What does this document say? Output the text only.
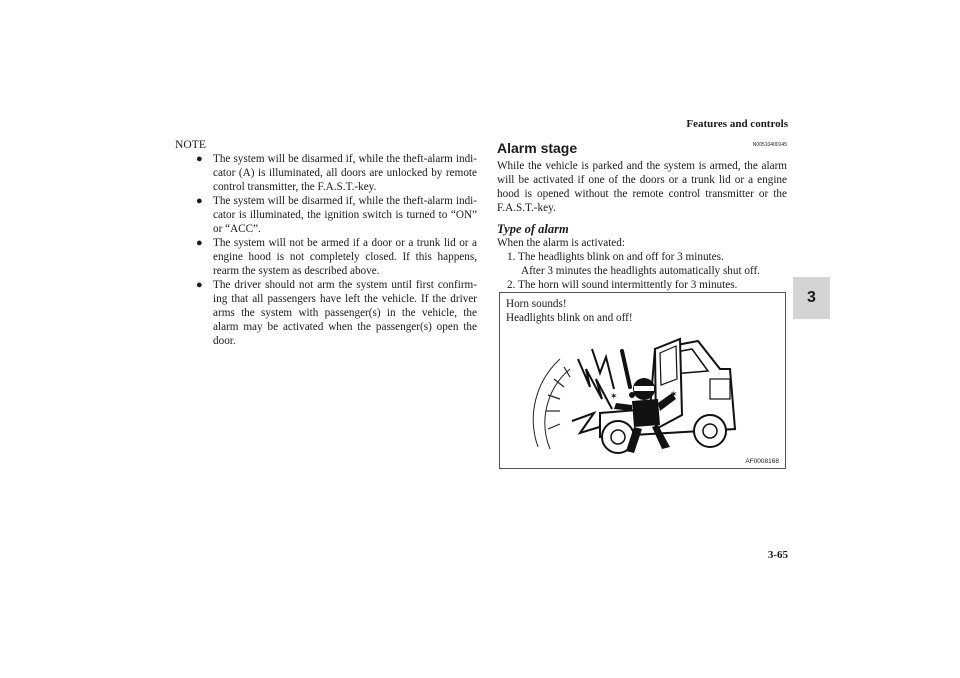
Features and controls
3
NOTE
● The system will be disarmed if, while the theft-alarm indi-cator (A) is illuminated, all doors are unlocked by remote control transmitter, the F.A.S.T.-key.
● The system will be disarmed if, while the theft-alarm indi-cator is illuminated, the ignition switch is turned to “ON” or “ACC”.
● The system will not be armed if a door or a trunk lid or a engine hood is not completely closed. If this happens, rearm the system as described above.
● The driver should not arm the system until first confirm-ing that all passengers have left the vehicle. If the driver arms the system with passenger(s) in the vehicle, the alarm may be activated when the passenger(s) open the door.
Alarm stage	N00510400145

While the vehicle is parked and the system is armed, the alarm will be activated if one of the doors or a trunk lid or a engine hood is opened without the remote control transmitter or the F.A.S.T.-key.

Type of alarm

When the alarm is activated:

1. The headlights blink on and off for 3 minutes.
After 3 minutes the headlights automatically shut off.
2. The horn will sound intermittently for 3 minutes.
Horn sounds!
Headlights blink on and off!
✶
✶
AF0008168
3-65
